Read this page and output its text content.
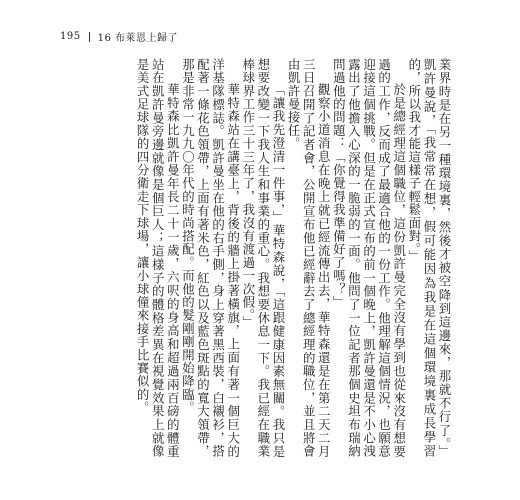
195 16 布萊恩上歸了

業界時是在另一種環境裏，然後才被空降到這邊來，那就不行了。」凱許曼說，「我常常在想，假可能因為我是在這個環境裏成長學習的，所以我才能這樣子輕鬆面對。」

於是總經理這個職位，這份凱許曼完全沒有學到也從來沒有想要過的工作，反而成了最適合他的一份工作。他理解這個情況，也願意迎接這個挑戰。但是在正式宣布的前一個晚上，凱許曼還是不小心洩露出了他擔入心深的一脆弱的一面。他問了一位記者那個史坦布瑞納問過他的問題：「你覺得我準備好了嗎？」

觀察小道消息在晚上就已經流傳出去，華特森還是在第二天二月三日召開了記者會，公開宣布他已經辭去了總經理的職位，並且將會由凱許曼接任。

「讓我先澄清一件事，」華特森說，「這跟健康因素無關。我只是想要改變一下我人生和事業的重心。我想要休息一下。我已經在職業棒球界工作三十三年了，我沒有渡過一次假。」

華特森站在講臺上，背後的牆上掛著橫旗，上面有著一個巨大的洋基隊標誌。凱許曼坐在他的右手側，身上穿著黑西裝，白襯衫，搭配著一條花色領帶，上面有著米色，紅色以及藍色斑點的寬大領帶，那是非常一九九〇年代的時尚搭配。而他的髮剛剛開始降臨。

華特森比凱許曼年長二十一歲，六呎的身高和超過兩百磅的體重站在凱許曼旁邊就像是個巨人；這樣子的體格差異在視覺效果上就像是美式足球隊的四分衛走下球場，讓小球僮來接手比賽似的。
